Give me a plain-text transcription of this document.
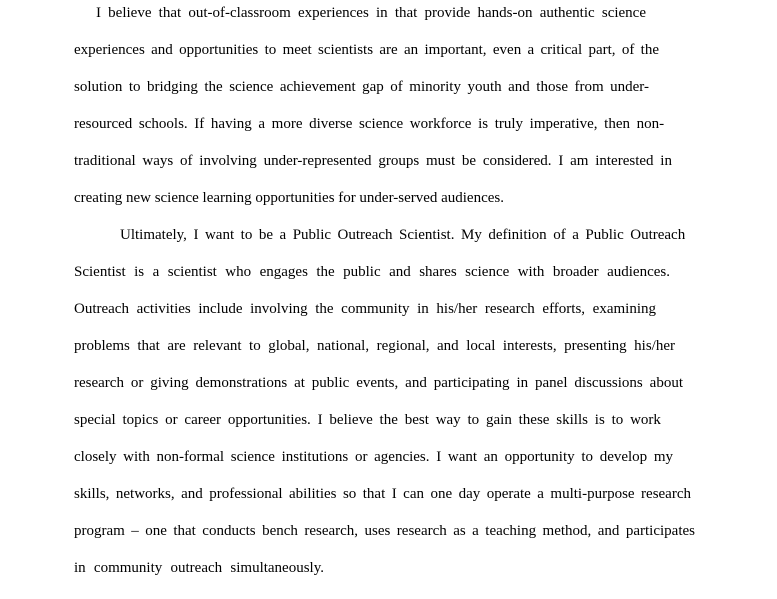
I believe that out-of-classroom experiences in that provide hands-on authentic science
experiences and opportunities to meet scientists are an important, even a critical part, of the
solution to bridging the science achievement gap of minority youth and those from under-
resourced schools. If having a more diverse science workforce is truly imperative, then non-
traditional ways of involving under-represented groups must be considered. I am interested in
creating new science learning opportunities for under-served audiences.
Ultimately, I want to be a Public Outreach Scientist. My definition of a Public Outreach
Scientist is a scientist who engages the public and shares science with broader audiences.
Outreach activities include involving the community in his/her research efforts, examining
problems that are relevant to global, national, regional, and local interests, presenting his/her
research or giving demonstrations at public events, and participating in panel discussions about
special topics or career opportunities. I believe the best way to gain these skills is to work
closely with non-formal science institutions or agencies. I want an opportunity to develop my
skills, networks, and professional abilities so that I can one day operate a multi-purpose research
program – one that conducts bench research, uses research as a teaching method, and participates
in community outreach simultaneously.
